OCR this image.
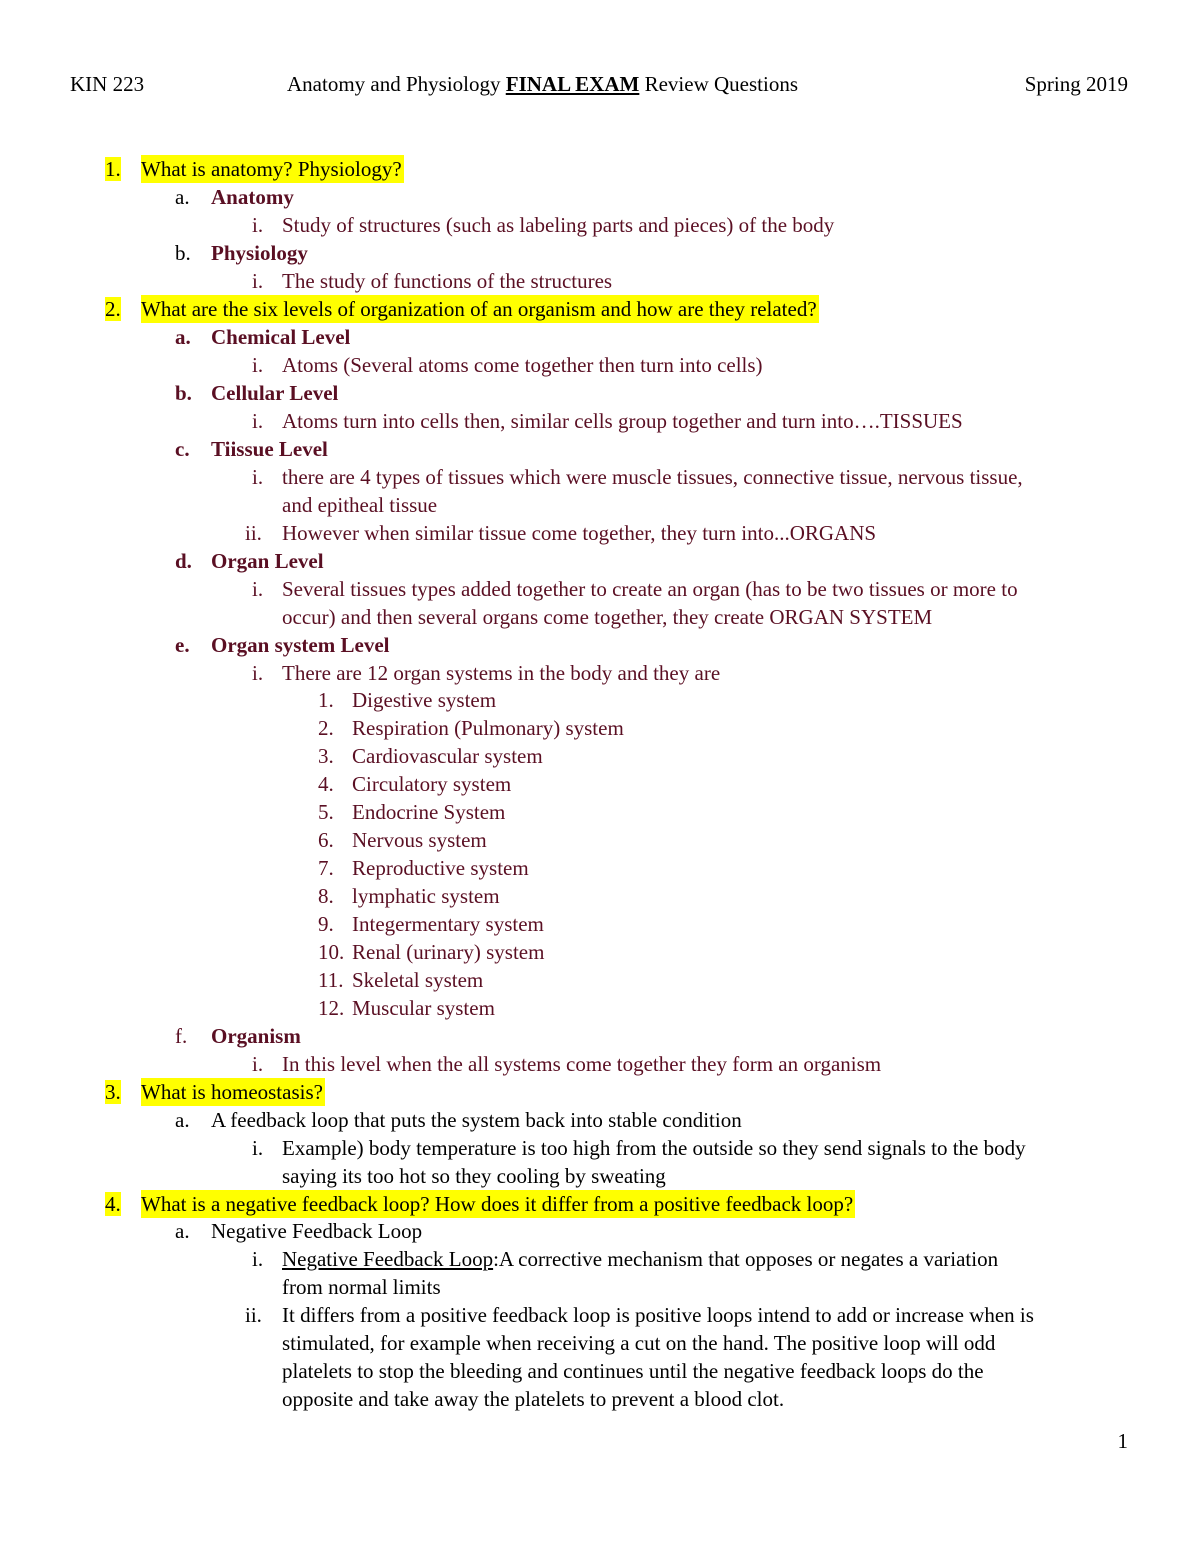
KIN 223	Anatomy and Physiology FINAL EXAM Review Questions	Spring 2019
1. What is anatomy? Physiology?
a. Anatomy
i. Study of structures (such as labeling parts and pieces) of the body
b. Physiology
i. The study of functions of the structures
2. What are the six levels of organization of an organism and how are they related?
a. Chemical Level
i. Atoms (Several atoms come together then turn into cells)
b. Cellular Level
i. Atoms turn into cells then, similar cells group together and turn into….TISSUES
c. Tiissue Level
i. there are 4 types of tissues which were muscle tissues, connective tissue, nervous tissue,
and epitheal tissue
ii. However when similar tissue come together, they turn into...ORGANS
d. Organ Level
i. Several tissues types added together to create an organ (has to be two tissues or more to
occur) and then several organs come together, they create ORGAN SYSTEM
e. Organ system Level
i. There are 12 organ systems in the body and they are
1. Digestive system
2. Respiration (Pulmonary) system
3. Cardiovascular system
4. Circulatory system
5. Endocrine System
6. Nervous system
7. Reproductive system
8. lymphatic system
9. Integermentary system
10. Renal (urinary) system
11. Skeletal system
12. Muscular system
f. Organism
i. In this level when the all systems come together they form an organism
3. What is homeostasis?
a. A feedback loop that puts the system back into stable condition
i. Example) body temperature is too high from the outside so they send signals to the body
saying its too hot so they cooling by sweating
4. What is a negative feedback loop? How does it differ from a positive feedback loop?
a. Negative Feedback Loop
i. Negative Feedback Loop:A corrective mechanism that opposes or negates a variation
from normal limits
ii. It differs from a positive feedback loop is positive loops intend to add or increase when is
stimulated, for example when receiving a cut on the hand. The positive loop will odd
platelets to stop the bleeding and continues until the negative feedback loops do the
opposite and take away the platelets to prevent a blood clot.
1
